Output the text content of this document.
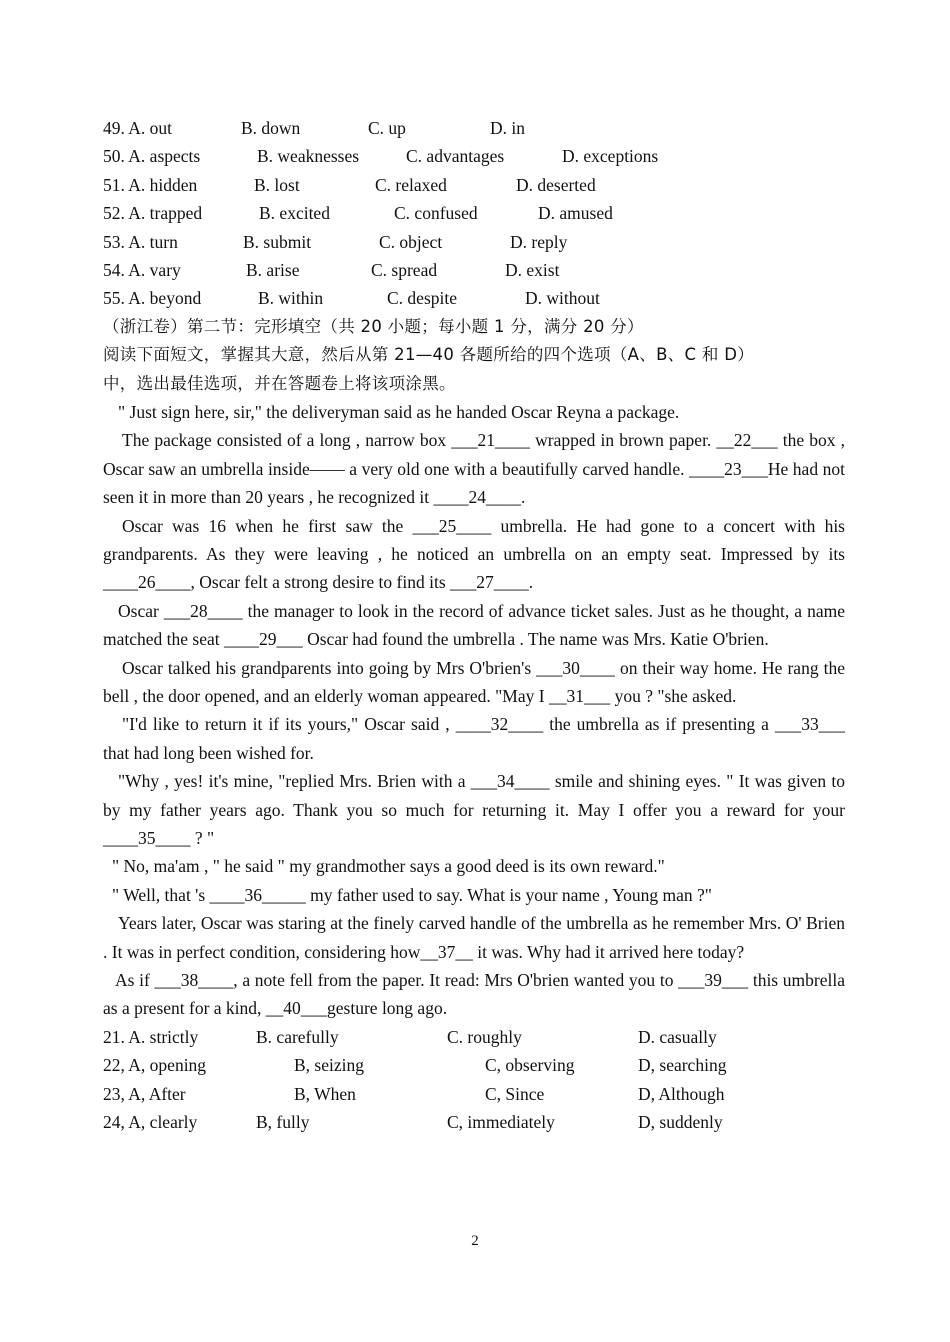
49. A. out	B. down	C. up	D. in
50. A. aspects	B. weaknesses	C. advantages	D. exceptions
51. A. hidden	B. lost	C. relaxed	D. deserted
52. A. trapped	B. excited	C. confused	D. amused
53. A. turn	B. submit	C. object	D. reply
54. A. vary	B. arise	C. spread	D. exist
55. A. beyond	B. within	C. despite	D. without
（浙江卷）第二节：完形填空（共 20 小题；每小题 1 分，满分 20 分）
阅读下面短文，掌握其大意，然后从第 21—40 各题所给的四个选项（A、B、C 和 D）
中，选出最佳选项，并在答题卷上将该项涂黑。

" Just sign here, sir," the deliveryman said as he handed Oscar Reyna a package.

The package consisted of a long , narrow box ___21____ wrapped in brown paper. __22___ the box , Oscar saw an umbrella inside—— a very old one with a beautifully carved handle. ____23___He had not seen it in more than 20 years , he recognized it ____24____.

Oscar was 16 when he first saw the ___25____ umbrella. He had gone to a concert with his grandparents. As they were leaving , he noticed an umbrella on an empty seat. Impressed by its ____26____, Oscar felt a strong desire to find its ___27____.

Oscar ___28____ the manager to look in the record of advance ticket sales. Just as he thought, a name matched the seat ____29___ Oscar had found the umbrella . The name was Mrs. Katie O'brien.

Oscar talked his grandparents into going by Mrs O'brien's ___30____ on their way home. He rang the bell , the door opened, and an elderly woman appeared. "May I __31___ you ? "she asked.

"I'd like to return it if its yours," Oscar said , ____32____ the umbrella as if presenting a ___33___ that had long been wished for.

"Why , yes! it's mine, "replied Mrs. Brien with a ___34____ smile and shining eyes. " It was given to by my father years ago. Thank you so much for returning it. May I offer you a reward for your ____35____ ? "

" No, ma'am , " he said " my grandmother says a good deed is its own reward."

" Well, that 's ____36_____ my father used to say. What is your name , Young man ?"

Years later, Oscar was staring at the finely carved handle of the umbrella as he remember Mrs. O' Brien . It was in perfect condition, considering how__37__ it was. Why had it arrived here today?

As if ___38____, a note fell from the paper. It read: Mrs O'brien wanted you to ___39___ this umbrella as a present for a kind, __40___gesture long ago.

21. A. strictly	B. carefully	C. roughly	D. casually
22, A, opening	B, seizing	C, observing	D, searching
23, A, After	B, When	C, Since	D, Although
24, A, clearly	B, fully	C, immediately	D, suddenly
2
